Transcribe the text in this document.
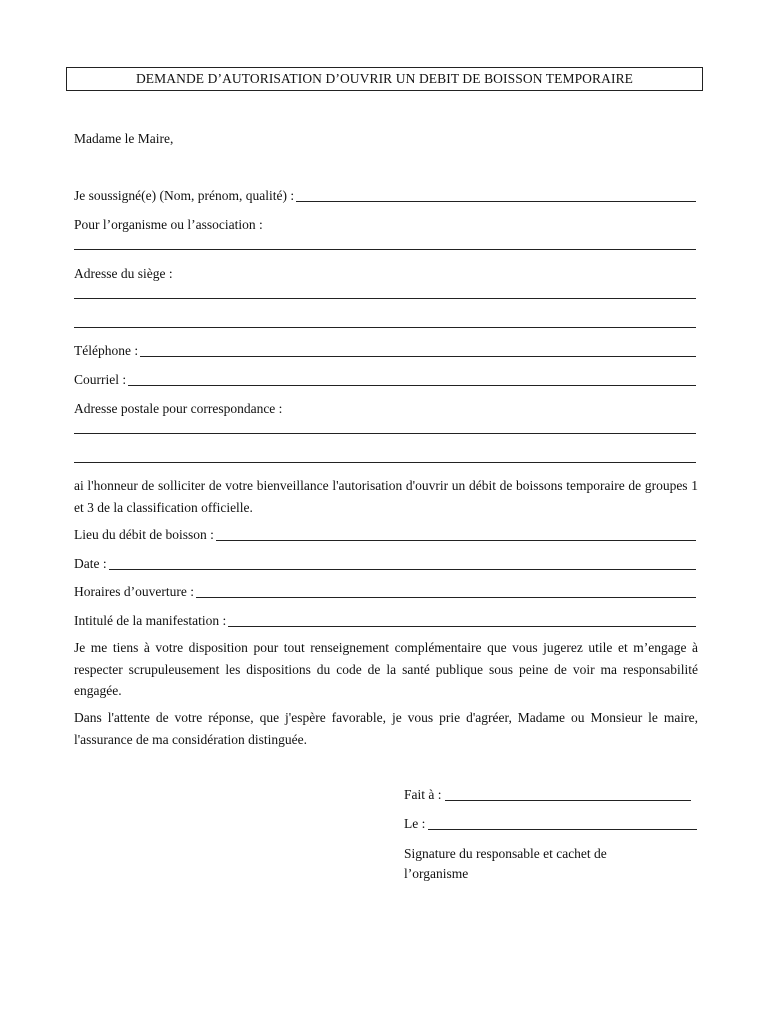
DEMANDE D’AUTORISATION D’OUVRIR UN DEBIT DE BOISSON TEMPORAIRE
Madame le Maire,
Je soussigné(e) (Nom, prénom, qualité) :
Pour l’organisme ou l’association :
Adresse du siège :
Téléphone :
Courriel :
Adresse postale pour correspondance :
ai l'honneur de solliciter de votre bienveillance l'autorisation d'ouvrir un débit de boissons temporaire de groupes 1 et 3 de la classification officielle.
Lieu du débit de boisson :
Date :
Horaires d’ouverture :
Intitulé de la manifestation :
Je me tiens à votre disposition pour tout renseignement complémentaire que vous jugerez utile et m’engage à respecter scrupuleusement les dispositions du code de la santé publique sous peine de voir ma responsabilité engagée.
Dans l'attente de votre réponse, que j'espère favorable, je vous prie d'agréer, Madame ou Monsieur le maire, l'assurance de ma considération distinguée.
Fait à :
Le :
Signature du responsable et cachet de l’organisme
